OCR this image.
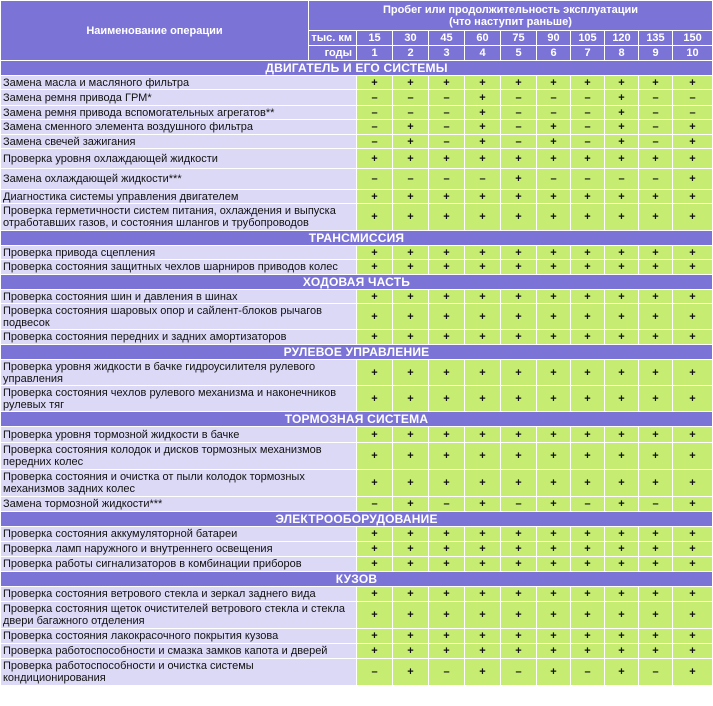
Наименование операции	Пробег или продолжительность эксплуатации
(что наступит раньше)										

	тыс. км	15	30	45	60	75	90	105	120	135	150
	годы	1	2	3	4	5	6	7	8	9	10
ДВИГАТЕЛЬ И ЕГО СИСТЕМЫ											
Замена масла и масляного фильтра		+	+	+	+	+	+	+	+	+	+
Замена ремня привода ГРМ*		–	–	–	+	–	–	–	+	–	–
Замена ремня привода вспомогательных агрегатов**		–	–	–	+	–	–	–	+	–	–
Замена сменного элемента воздушного фильтра		–	+	–	+	–	+	–	+	–	+
Замена свечей зажигания		–	+	–	+	–	+	–	+	–	+
Проверка уровня охлаждающей жидкости		+	+	+	+	+	+	+	+	+	+
Замена охлаждающей жидкости***		–	–	–	–	+	–	–	–	–	+
Диагностика системы управления двигателем		+	+	+	+	+	+	+	+	+	+
Проверка герметичности систем питания, охлаждения и выпуска отработавших газов, и состояния шлангов и трубопроводов		+	+	+	+	+	+	+	+	+	+
ТРАНСМИССИЯ											
Проверка привода сцепления		+	+	+	+	+	+	+	+	+	+
Проверка состояния защитных чехлов шарниров приводов колес		+	+	+	+	+	+	+	+	+	+
ХОДОВАЯ ЧАСТЬ											
Проверка состояния шин и давления в шинах		+	+	+	+	+	+	+	+	+	+
Проверка состояния шаровых опор и сайлент-блоков рычагов подвесок		+	+	+	+	+	+	+	+	+	+
Проверка состояния передних и задних амортизаторов		+	+	+	+	+	+	+	+	+	+
РУЛЕВОЕ УПРАВЛЕНИЕ											
Проверка уровня жидкости в бачке гидроусилителя рулевого управления		+	+	+	+	+	+	+	+	+	+
Проверка состояния чехлов рулевого механизма и наконечников рулевых тяг		+	+	+	+	+	+	+	+	+	+
ТОРМОЗНАЯ СИСТЕМА											
Проверка уровня тормозной жидкости в бачке		+	+	+	+	+	+	+	+	+	+
Проверка состояния колодок и дисков тормозных механизмов передних колес		+	+	+	+	+	+	+	+	+	+
Проверка состояния и очистка от пыли колодок тормозных механизмов задних колес		+	+	+	+	+	+	+	+	+	+
Замена тормозной жидкости***		–	+	–	+	–	+	–	+	–	+
ЭЛЕКТРООБОРУДОВАНИЕ											
Проверка состояния аккумуляторной батареи		+	+	+	+	+	+	+	+	+	+
Проверка ламп наружного и внутреннего освещения		+	+	+	+	+	+	+	+	+	+
Проверка работы сигнализаторов в комбинации приборов		+	+	+	+	+	+	+	+	+	+
КУЗОВ											
Проверка состояния ветрового стекла и зеркал заднего вида		+	+	+	+	+	+	+	+	+	+
Проверка состояния щеток очистителей ветрового стекла и стекла двери багажного отделения		+	+	+	+	+	+	+	+	+	+
Проверка состояния лакокрасочного покрытия кузова		+	+	+	+	+	+	+	+	+	+
Проверка работоспособности и смазка замков капота и дверей		+	+	+	+	+	+	+	+	+	+
Проверка работоспособности и очистка системы кондиционирования		–	+	–	+	–	+	–	+	–	+
